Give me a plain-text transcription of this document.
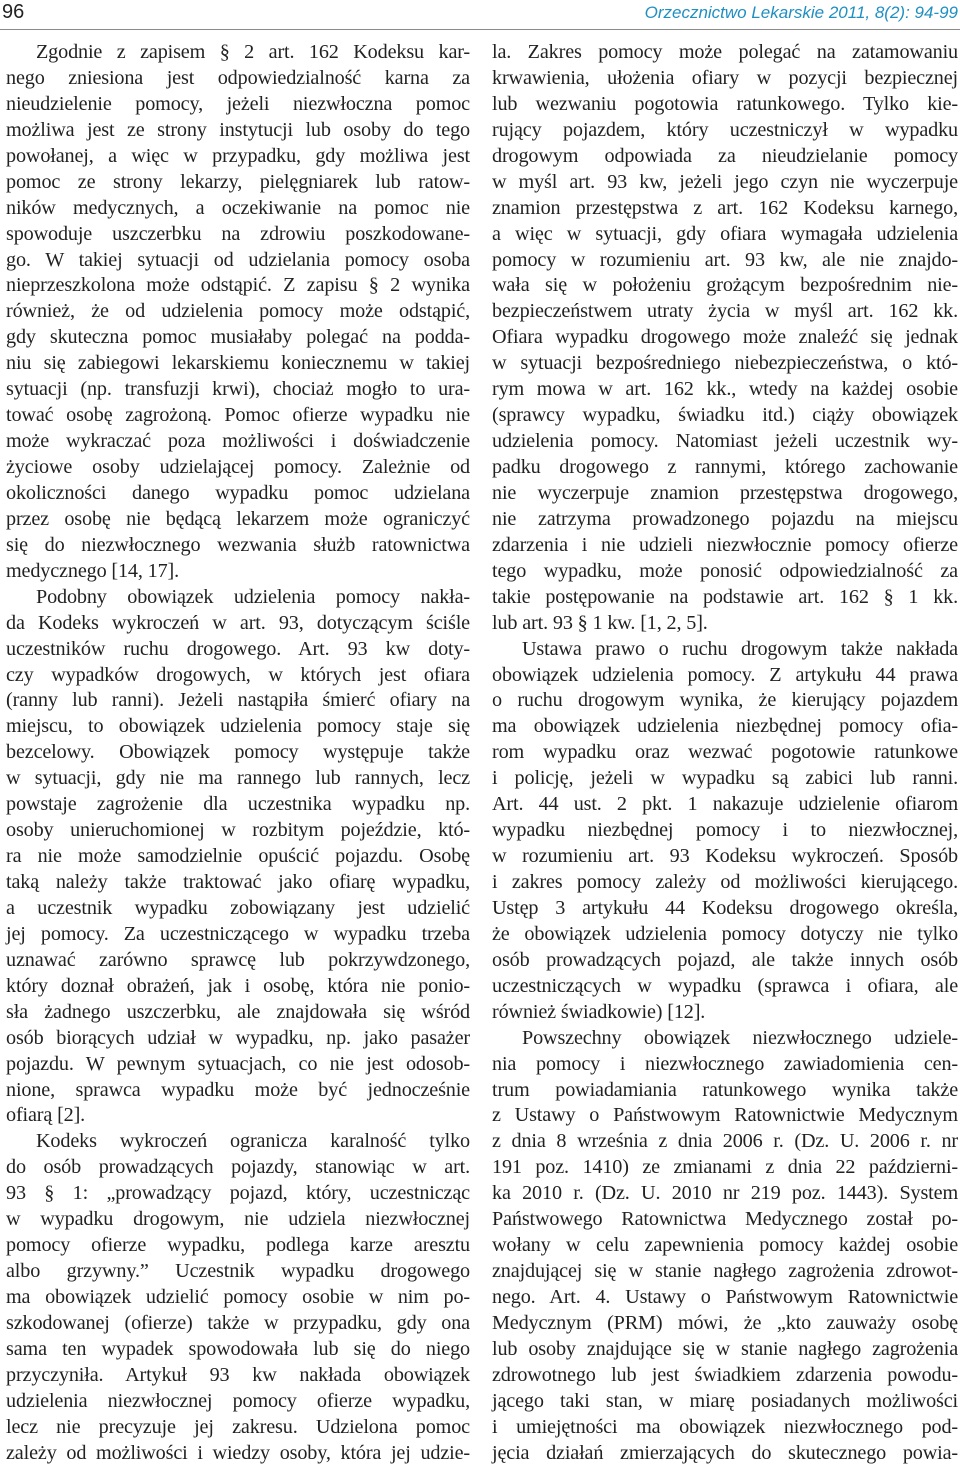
96	Orzecznictwo Lekarskie 2011, 8(2): 94-99
Zgodnie z zapisem § 2 art. 162 Kodeksu kar-
nego zniesiona jest odpowiedzialność karna za
nieudzielenie pomocy, jeżeli niezwłoczna pomoc
możliwa jest ze strony instytucji lub osoby do tego
powołanej, a więc w przypadku, gdy możliwa jest
pomoc ze strony lekarzy, pielęgniarek lub ratow-
ników medycznych, a oczekiwanie na pomoc nie
spowoduje uszczerbku na zdrowiu poszkodowane-
go. W takiej sytuacji od udzielania pomocy osoba
nieprzeszkolona może odstąpić. Z zapisu § 2 wynika
również, że od udzielenia pomocy może odstąpić,
gdy skuteczna pomoc musiałaby polegać na podda-
niu się zabiegowi lekarskiemu koniecznemu w takiej
sytuacji (np. transfuzji krwi), chociaż mogło to ura-
tować osobę zagrożoną. Pomoc ofierze wypadku nie
może wykraczać poza możliwości i doświadczenie
życiowe osoby udzielającej pomocy. Zależnie od
okoliczności danego wypadku pomoc udzielana
przez osobę nie będącą lekarzem może ograniczyć
się do niezwłocznego wezwania służb ratownictwa
medycznego [14, 17].
Podobny obowiązek udzielenia pomocy nakła-
da Kodeks wykroczeń w art. 93, dotyczącym ściśle
uczestników ruchu drogowego. Art. 93 kw doty-
czy wypadków drogowych, w których jest ofiara
(ranny lub ranni). Jeżeli nastąpiła śmierć ofiary na
miejscu, to obowiązek udzielenia pomocy staje się
bezcelowy. Obowiązek pomocy występuje także
w sytuacji, gdy nie ma rannego lub rannych, lecz
powstaje zagrożenie dla uczestnika wypadku np.
osoby unieruchomionej w rozbitym pojeździe, któ-
ra nie może samodzielnie opuścić pojazdu. Osobę
taką należy także traktować jako ofiarę wypadku,
a uczestnik wypadku zobowiązany jest udzielić
jej pomocy. Za uczestniczącego w wypadku trzeba
uznawać zarówno sprawcę lub pokrzywdzonego,
który doznał obrażeń, jak i osobę, która nie ponio-
sła żadnego uszczerbku, ale znajdowała się wśród
osób biorących udział w wypadku, np. jako pasażer
pojazdu. W pewnym sytuacjach, co nie jest odosob-
nione, sprawca wypadku może być jednocześnie
ofiarą [2].
Kodeks wykroczeń ogranicza karalność tylko
do osób prowadzących pojazdy, stanowiąc w art.
93 § 1: „prowadzący pojazd, który, uczestnicząc
w wypadku drogowym, nie udziela niezwłocznej
pomocy ofierze wypadku, podlega karze aresztu
albo grzywny.” Uczestnik wypadku drogowego
ma obowiązek udzielić pomocy osobie w nim po-
szkodowanej (ofierze) także w przypadku, gdy ona
sama ten wypadek spowodowała lub się do niego
przyczyniła. Artykuł 93 kw nakłada obowiązek
udzielenia niezwłocznej pomocy ofierze wypadku,
lecz nie precyzuje jej zakresu. Udzielona pomoc
zależy od możliwości i wiedzy osoby, która jej udzie-
la. Zakres pomocy może polegać na zatamowaniu
krwawienia, ułożenia ofiary w pozycji bezpiecznej
lub wezwaniu pogotowia ratunkowego. Tylko kie-
rujący pojazdem, który uczestniczył w wypadku
drogowym odpowiada za nieudzielanie pomocy
w myśl art. 93 kw, jeżeli jego czyn nie wyczerpuje
znamion przestępstwa z art. 162 Kodeksu karnego,
a więc w sytuacji, gdy ofiara wymagała udzielenia
pomocy w rozumieniu art. 93 kw, ale nie znajdo-
wała się w położeniu grożącym bezpośrednim nie-
bezpieczeństwem utraty życia w myśl art. 162 kk.
Ofiara wypadku drogowego może znaleźć się jednak
w sytuacji bezpośredniego niebezpieczeństwa, o któ-
rym mowa w art. 162 kk., wtedy na każdej osobie
(sprawcy wypadku, świadku itd.) ciąży obowiązek
udzielenia pomocy. Natomiast jeżeli uczestnik wy-
padku drogowego z rannymi, którego zachowanie
nie wyczerpuje znamion przestępstwa drogowego,
nie zatrzyma prowadzonego pojazdu na miejscu
zdarzenia i nie udzieli niezwłocznie pomocy ofierze
tego wypadku, może ponosić odpowiedzialność za
takie postępowanie na podstawie art. 162 § 1 kk.
lub art. 93 § 1 kw. [1, 2, 5].
Ustawa prawo o ruchu drogowym także nakłada
obowiązek udzielenia pomocy. Z artykułu 44 prawa
o ruchu drogowym wynika, że kierujący pojazdem
ma obowiązek udzielenia niezbędnej pomocy ofia-
rom wypadku oraz wezwać pogotowie ratunkowe
i policję, jeżeli w wypadku są zabici lub ranni.
Art. 44 ust. 2 pkt. 1 nakazuje udzielenie ofiarom
wypadku niezbędnej pomocy i to niezwłocznej,
w rozumieniu art. 93 Kodeksu wykroczeń. Sposób
i zakres pomocy zależy od możliwości kierującego.
Ustęp 3 artykułu 44 Kodeksu drogowego określa,
że obowiązek udzielenia pomocy dotyczy nie tylko
osób prowadzących pojazd, ale także innych osób
uczestniczących w wypadku (sprawca i ofiara, ale
również świadkowie) [12].
Powszechny obowiązek niezwłocznego udziele-
nia pomocy i niezwłocznego zawiadomienia cen-
trum powiadamiania ratunkowego wynika także
z Ustawy o Państwowym Ratownictwie Medycznym
z dnia 8 września z dnia 2006 r. (Dz. U. 2006 r. nr
191 poz. 1410) ze zmianami z dnia 22 październi-
ka 2010 r. (Dz. U. 2010 nr 219 poz. 1443). System
Państwowego Ratownictwa Medycznego został po-
wołany w celu zapewnienia pomocy każdej osobie
znajdującej się w stanie nagłego zagrożenia zdrowot-
nego. Art. 4. Ustawy o Państwowym Ratownictwie
Medycznym (PRM) mówi, że „kto zauważy osobę
lub osoby znajdujące się w stanie nagłego zagrożenia
zdrowotnego lub jest świadkiem zdarzenia powodu-
jącego taki stan, w miarę posiadanych możliwości
i umiejętności ma obowiązek niezwłocznego pod-
jęcia działań zmierzających do skutecznego powia-
